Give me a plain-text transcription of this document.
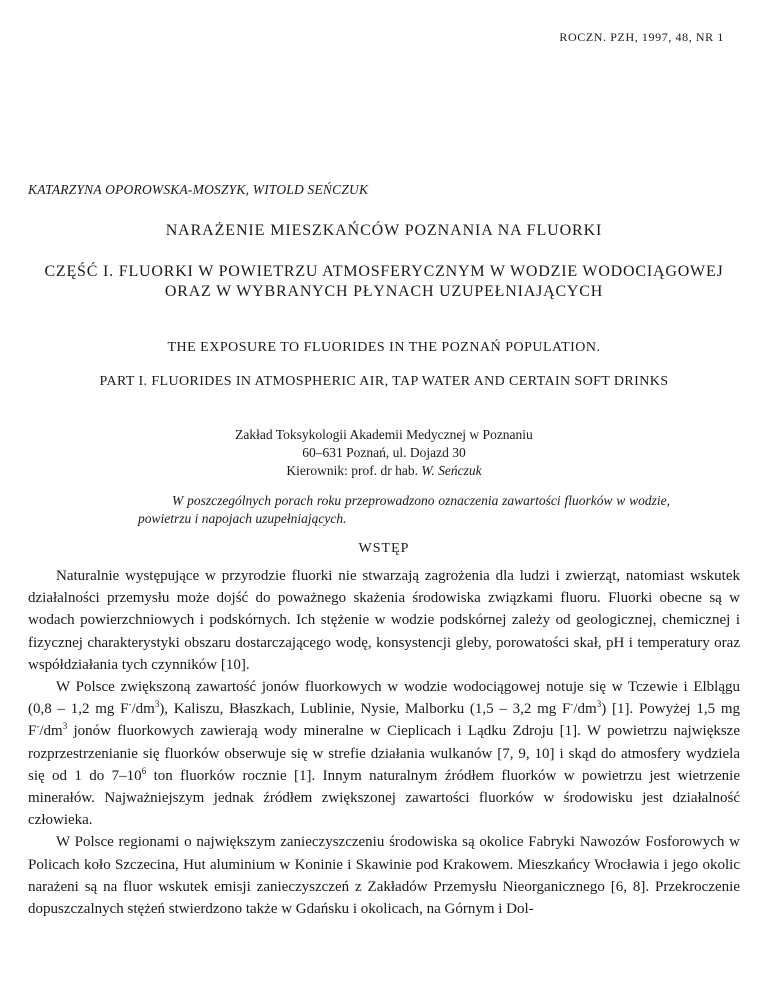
ROCZN. PZH, 1997, 48, NR 1
KATARZYNA OPOROWSKA-MOSZYK, WITOLD SEŃCZUK
NARAŻENIE MIESZKAŃCÓW POZNANIA NA FLUORKI
CZĘŚĆ I. FLUORKI W POWIETRZU ATMOSFERYCZNYM W WODZIE WODOCIĄGOWEJ ORAZ W WYBRANYCH PŁYNACH UZUPEŁNIAJĄCYCH
THE EXPOSURE TO FLUORIDES IN THE POZNAŃ POPULATION.
PART I. FLUORIDES IN ATMOSPHERIC AIR, TAP WATER AND CERTAIN SOFT DRINKS
Zakład Toksykologii Akademii Medycznej w Poznaniu
60–631 Poznań, ul. Dojazd 30
Kierownik: prof. dr hab. W. Seńczuk
W poszczególnych porach roku przeprowadzono oznaczenia zawartości fluorków w wodzie, powietrzu i napojach uzupełniających.
WSTĘP

Naturalnie występujące w przyrodzie fluorki nie stwarzają zagrożenia dla ludzi i zwierząt, natomiast wskutek działalności przemysłu może dojść do poważnego skażenia środowiska związkami fluoru. Fluorki obecne są w wodach powierzchniowych i podskórnych. Ich stężenie w wodzie podskórnej zależy od geologicznej, chemicznej i fizycznej charakterystyki obszaru dostarczającego wodę, konsystencji gleby, porowatości skał, pH i temperatury oraz współdziałania tych czynników [10].

W Polsce zwiększoną zawartość jonów fluorkowych w wodzie wodociągowej notuje się w Tczewie i Elblągu (0,8 – 1,2 mg $F^-/dm^3$), Kaliszu, Błaszkach, Lublinie, Nysie, Malborku (1,5 – 3,2 mg $F^-/dm^3$) [1]. Powyżej 1,5 mg $F^-/dm^3$ jonów fluorkowych zawierają wody mineralne w Cieplicach i Lądku Zdroju [1]. W powietrzu największe rozprzestrzenianie się fluorków obserwuje się w strefie działania wulkanów [7, 9, 10] i skąd do atmosfery wydziela się od 1 do $7-10^6$ ton fluorków rocznie [1]. Innym naturalnym źródłem fluorków w powietrzu jest wietrzenie minerałów. Najważniejszym jednak źródłem zwiększonej zawartości fluorków w środowisku jest działalność człowieka.

W Polsce regionami o największym zanieczyszczeniu środowiska są okolice Fabryki Nawozów Fosforowych w Policach koło Szczecina, Hut aluminium w Koninie i Skawinie pod Krakowem. Mieszkańcy Wrocławia i jego okolic narażeni są na fluor wskutek emisji zanieczyszczeń z Zakładów Przemysłu Nieorganicznego [6, 8]. Przekroczenie dopuszczalnych stężeń stwierdzono także w Gdańsku i okolicach, na Górnym i Dol-
